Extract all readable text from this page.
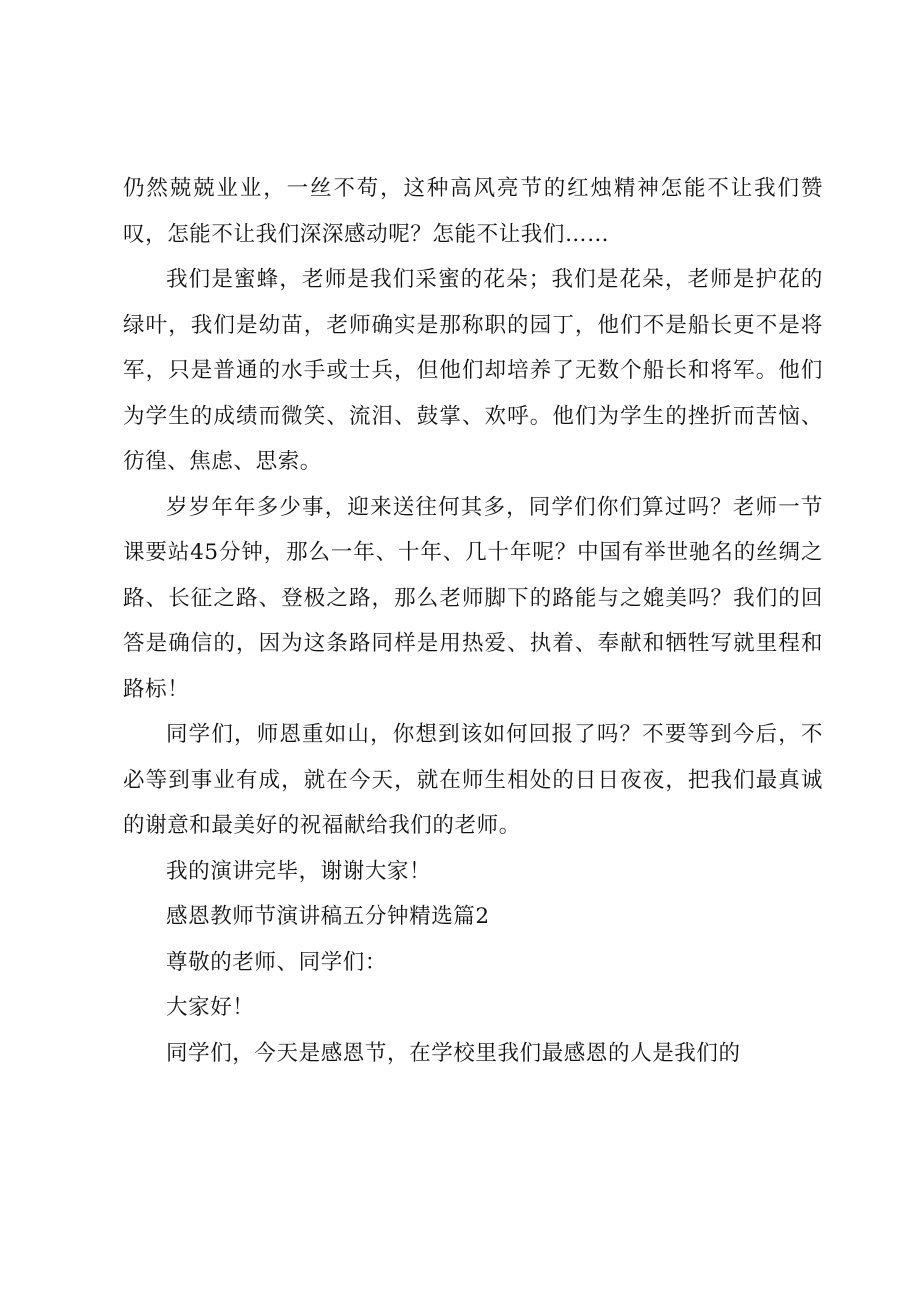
仍然兢兢业业，一丝不苟，这种高风亮节的红烛精神怎能不让我们赞叹，怎能不让我们深深感动呢？怎能不让我们……

我们是蜜蜂，老师是我们采蜜的花朵；我们是花朵，老师是护花的绿叶，我们是幼苗，老师确实是那称职的园丁，他们不是船长更不是将军，只是普通的水手或士兵，但他们却培养了无数个船长和将军。他们为学生的成绩而微笑、流泪、鼓掌、欢呼。他们为学生的挫折而苦恼、彷徨、焦虑、思索。

岁岁年年多少事，迎来送往何其多，同学们你们算过吗？老师一节课要站45分钟，那么一年、十年、几十年呢？中国有举世驰名的丝绸之路、长征之路、登极之路，那么老师脚下的路能与之媲美吗？我们的回答是确信的，因为这条路同样是用热爱、执着、奉献和牺牲写就里程和路标！

同学们，师恩重如山，你想到该如何回报了吗？不要等到今后，不必等到事业有成，就在今天，就在师生相处的日日夜夜，把我们最真诚的谢意和最美好的祝福献给我们的老师。

我的演讲完毕，谢谢大家！

感恩教师节演讲稿五分钟精选篇2

尊敬的老师、同学们：

大家好！

同学们，今天是感恩节，在学校里我们最感恩的人是我们的
